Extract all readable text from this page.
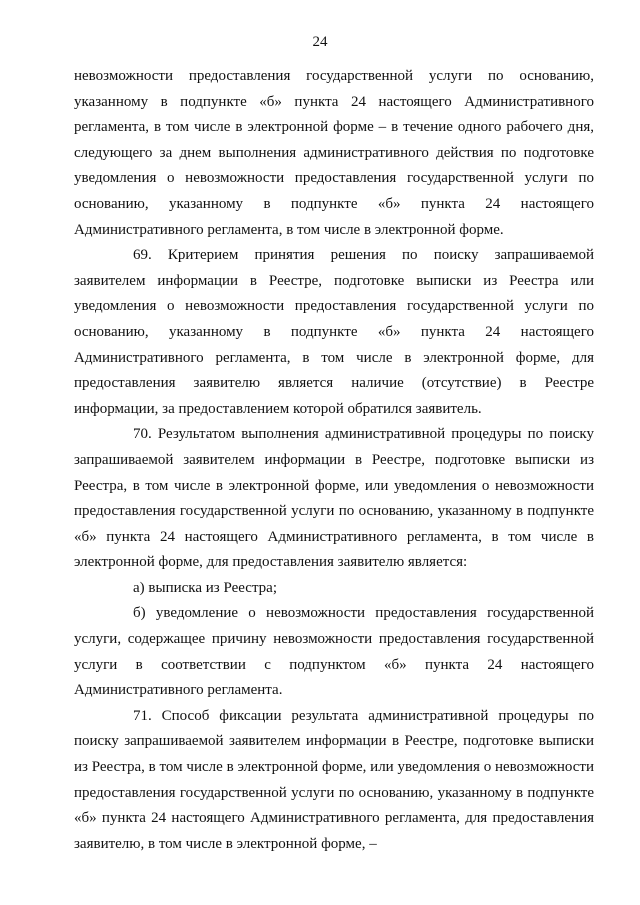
24

невозможности предоставления государственной услуги по основанию, указанному в подпункте «б» пункта 24 настоящего Административного регламента, в том числе в электронной форме – в течение одного рабочего дня, следующего за днем выполнения административного действия по подготовке уведомления о невозможности предоставления государственной услуги по основанию, указанному в подпункте «б» пункта 24 настоящего Административного регламента, в том числе в электронной форме.

69. Критерием принятия решения по поиску запрашиваемой заявителем информации в Реестре, подготовке выписки из Реестра или уведомления о невозможности предоставления государственной услуги по основанию, указанному в подпункте «б» пункта 24 настоящего Административного регламента, в том числе в электронной форме, для предоставления заявителю является наличие (отсутствие) в Реестре информации, за предоставлением которой обратился заявитель.

70. Результатом выполнения административной процедуры по поиску запрашиваемой заявителем информации в Реестре, подготовке выписки из Реестра, в том числе в электронной форме, или уведомления о невозможности предоставления государственной услуги по основанию, указанному в подпункте «б» пункта 24 настоящего Административного регламента, в том числе в электронной форме, для предоставления заявителю является:

а) выписка из Реестра;

б) уведомление о невозможности предоставления государственной услуги, содержащее причину невозможности предоставления государственной услуги в соответствии с подпунктом «б» пункта 24 настоящего Административного регламента.

71. Способ фиксации результата административной процедуры по поиску запрашиваемой заявителем информации в Реестре, подготовке выписки из Реестра, в том числе в электронной форме, или уведомления о невозможности предоставления государственной услуги по основанию, указанному в подпункте «б» пункта 24 настоящего Административного регламента, для предоставления заявителю, в том числе в электронной форме, –
